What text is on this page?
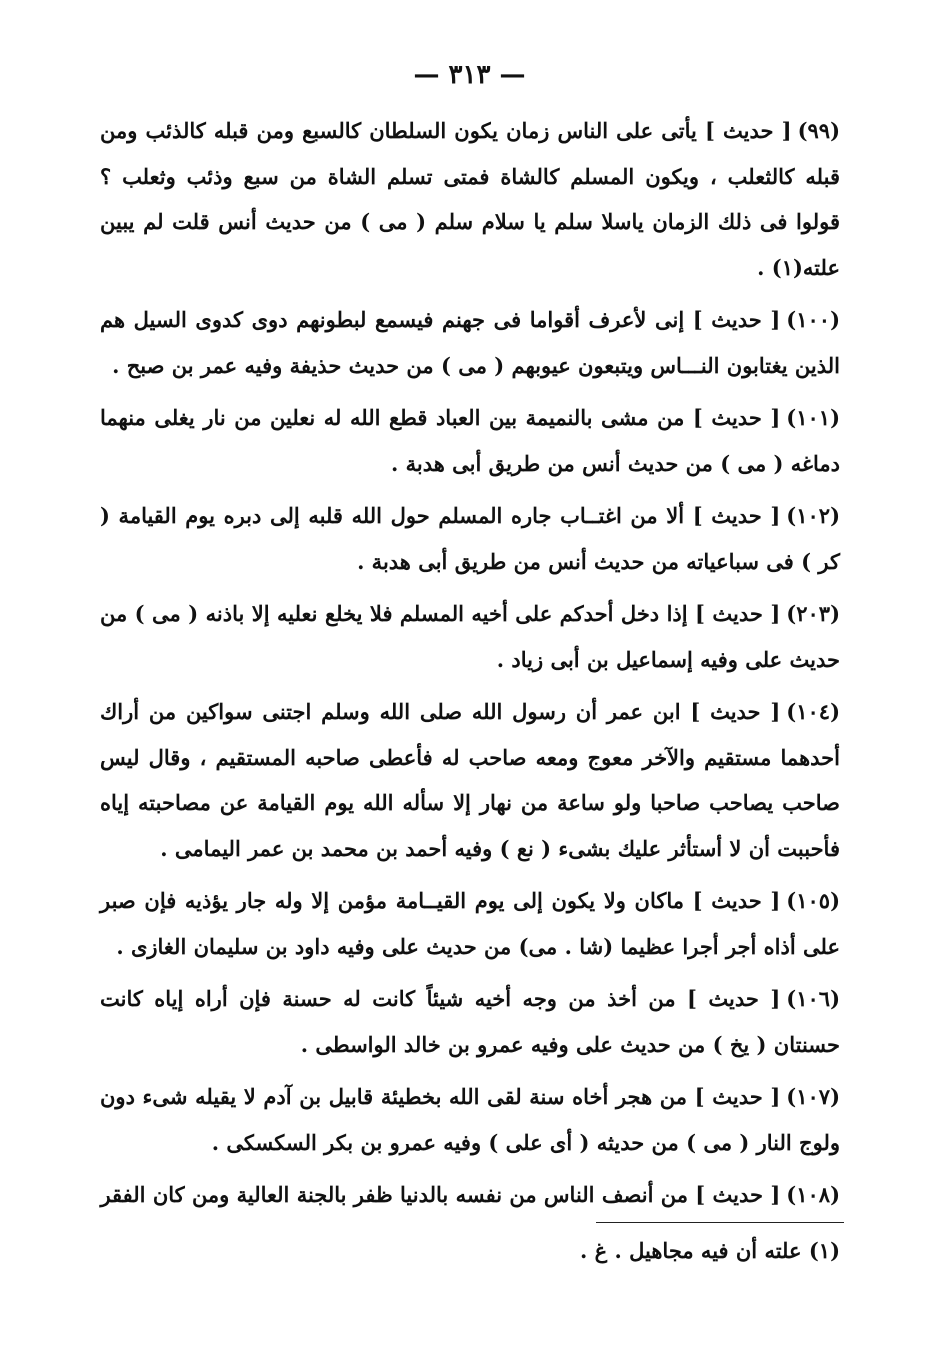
— ٣١٣ —

(٩٩)[ حديث ] يأتى على الناس زمان يكون السلطان كالسبع ومن قبله كالذئب ومن قبله كالثعلب ، ويكون المسلم كالشاة فمتى تسلم الشاة من سبع وذئب وثعلب ؟ قولوا فى ذلك الزمان ياسلا سلم يا سلام سلم ( مى ) من حديث أنس قلت لم يبين علته(١) .

(١٠٠)[ حديث ] إنى لأعرف أقواما فى جهنم فيسمع لبطونهم دوى كدوى السيل هم الذين يغتابون النـــاس ويتبعون عيوبهم ( مى ) من حديث حذيفة وفيه عمر بن صبح .

(١٠١)[ حديث ] من مشى بالنميمة بين العباد قطع الله له نعلين من نار يغلى منهما دماغه ( مى ) من حديث أنس من طريق أبى هدبة .

(١٠٢)[ حديث ] ألا من اغتــاب جاره المسلم حول الله قلبه إلى دبره يوم القيامة ( كر ) فى سباعياته من حديث أنس من طريق أبى هدبة .

(٢٠٣)[ حديث ] إذا دخل أحدكم على أخيه المسلم فلا يخلع نعليه إلا باذنه ( مى ) من حديث على وفيه إسماعيل بن أبى زياد .

(١٠٤)[ حديث ] ابن عمر أن رسول الله صلى الله وسلم اجتنى سواكين من أراك أحدهما مستقيم والآخر معوج ومعه صاحب له فأعطى صاحبه المستقيم ، وقال ليس صاحب يصاحب صاحبا ولو ساعة من نهار إلا سأله الله يوم القيامة عن مصاحبته إياه فأحببت أن لا أستأثر عليك بشىء ( نع ) وفيه أحمد بن محمد بن عمر اليمامى .

(١٠٥)[ حديث ] ماكان ولا يكون إلى يوم القيــامة مؤمن إلا وله جار يؤذيه فإن صبر على أذاه أجر أجرا عظيما (شا . مى) من حديث على وفيه داود بن سليمان الغازى .

(١٠٦)[ حديث ] من أخذ من وجه أخيه شيئاً كانت له حسنة فإن أراه إياه كانت حسنتان ( يخ ) من حديث على وفيه عمرو بن خالد الواسطى .

(١٠٧)[ حديث ] من هجر أخاه سنة لقى الله بخطيئة قابيل بن آدم لا يقيله شىء دون ولوج النار ( مى ) من حديثه ( أى على ) وفيه عمرو بن بكر السكسكى .

(١٠٨)[ حديث ] من أنصف الناس من نفسه بالدنيا ظفر بالجنة العالية ومن كان الفقر

(١) علته أن فيه مجاهيل . غ .
